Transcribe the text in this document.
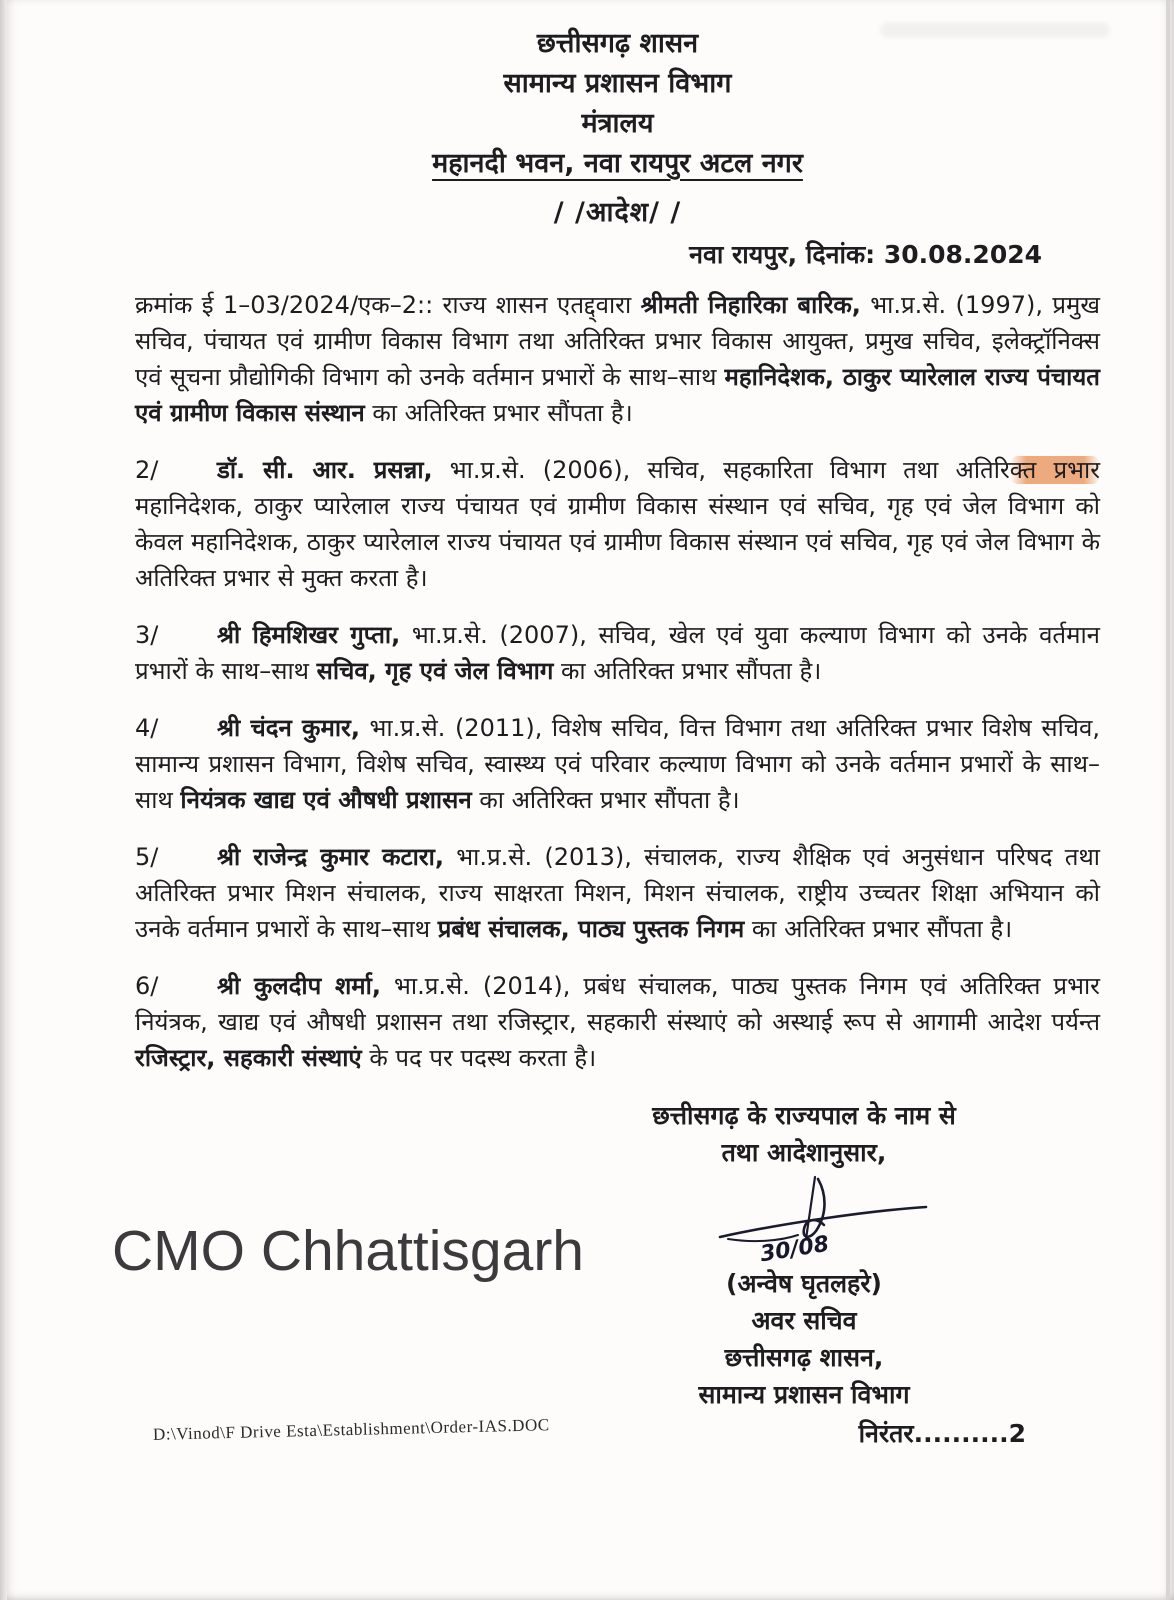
छत्तीसगढ़ शासन
सामान्य प्रशासन विभाग
मंत्रालय
महानदी भवन, नवा रायपुर अटल नगर
/ /आदेश/ /
नवा रायपुर, दिनांक: 30.08.2024
क्रमांक ई 1–03/2024/एक–2:: राज्य शासन एतद्द्वारा श्रीमती निहारिका बारिक, भा.प्र.से. (1997), प्रमुख सचिव, पंचायत एवं ग्रामीण विकास विभाग तथा अतिरिक्त प्रभार विकास आयुक्त, प्रमुख सचिव, इलेक्ट्रॉनिक्स एवं सूचना प्रौद्योगिकी विभाग को उनके वर्तमान प्रभारों के साथ–साथ महानिदेशक, ठाकुर प्यारेलाल राज्य पंचायत एवं ग्रामीण विकास संस्थान का अतिरिक्त प्रभार सौंपता है।
2/ डॉ. सी. आर. प्रसन्ना, भा.प्र.से. (2006), सचिव, सहकारिता विभाग तथा अतिरिक्त प्रभार महानिदेशक, ठाकुर प्यारेलाल राज्य पंचायत एवं ग्रामीण विकास संस्थान एवं सचिव, गृह एवं जेल विभाग को केवल महानिदेशक, ठाकुर प्यारेलाल राज्य पंचायत एवं ग्रामीण विकास संस्थान एवं सचिव, गृह एवं जेल विभाग के अतिरिक्त प्रभार से मुक्त करता है।
3/ श्री हिमशिखर गुप्ता, भा.प्र.से. (2007), सचिव, खेल एवं युवा कल्याण विभाग को उनके वर्तमान प्रभारों के साथ–साथ सचिव, गृह एवं जेल विभाग का अतिरिक्त प्रभार सौंपता है।
4/ श्री चंदन कुमार, भा.प्र.से. (2011), विशेष सचिव, वित्त विभाग तथा अतिरिक्त प्रभार विशेष सचिव, सामान्य प्रशासन विभाग, विशेष सचिव, स्वास्थ्य एवं परिवार कल्याण विभाग को उनके वर्तमान प्रभारों के साथ–साथ नियंत्रक खाद्य एवं औषधी प्रशासन का अतिरिक्त प्रभार सौंपता है।
5/ श्री राजेन्द्र कुमार कटारा, भा.प्र.से. (2013), संचालक, राज्य शैक्षिक एवं अनुसंधान परिषद तथा अतिरिक्त प्रभार मिशन संचालक, राज्य साक्षरता मिशन, मिशन संचालक, राष्ट्रीय उच्चतर शिक्षा अभियान को उनके वर्तमान प्रभारों के साथ–साथ प्रबंध संचालक, पाठ्य पुस्तक निगम का अतिरिक्त प्रभार सौंपता है।
6/ श्री कुलदीप शर्मा, भा.प्र.से. (2014), प्रबंध संचालक, पाठ्य पुस्तक निगम एवं अतिरिक्त प्रभार नियंत्रक, खाद्य एवं औषधी प्रशासन तथा रजिस्ट्रार, सहकारी संस्थाएं को अस्थाई रूप से आगामी आदेश पर्यन्त रजिस्ट्रार, सहकारी संस्थाएं के पद पर पदस्थ करता है।
छत्तीसगढ़ के राज्यपाल के नाम से
तथा आदेशानुसार,
30/08
(अन्वेष घृतलहरे)
अवर सचिव
छत्तीसगढ़ शासन,
सामान्य प्रशासन विभाग
निरंतर..........2
CMO Chhattisgarh
D:\Vinod\F Drive Esta\Establishment\Order-IAS.DOC
